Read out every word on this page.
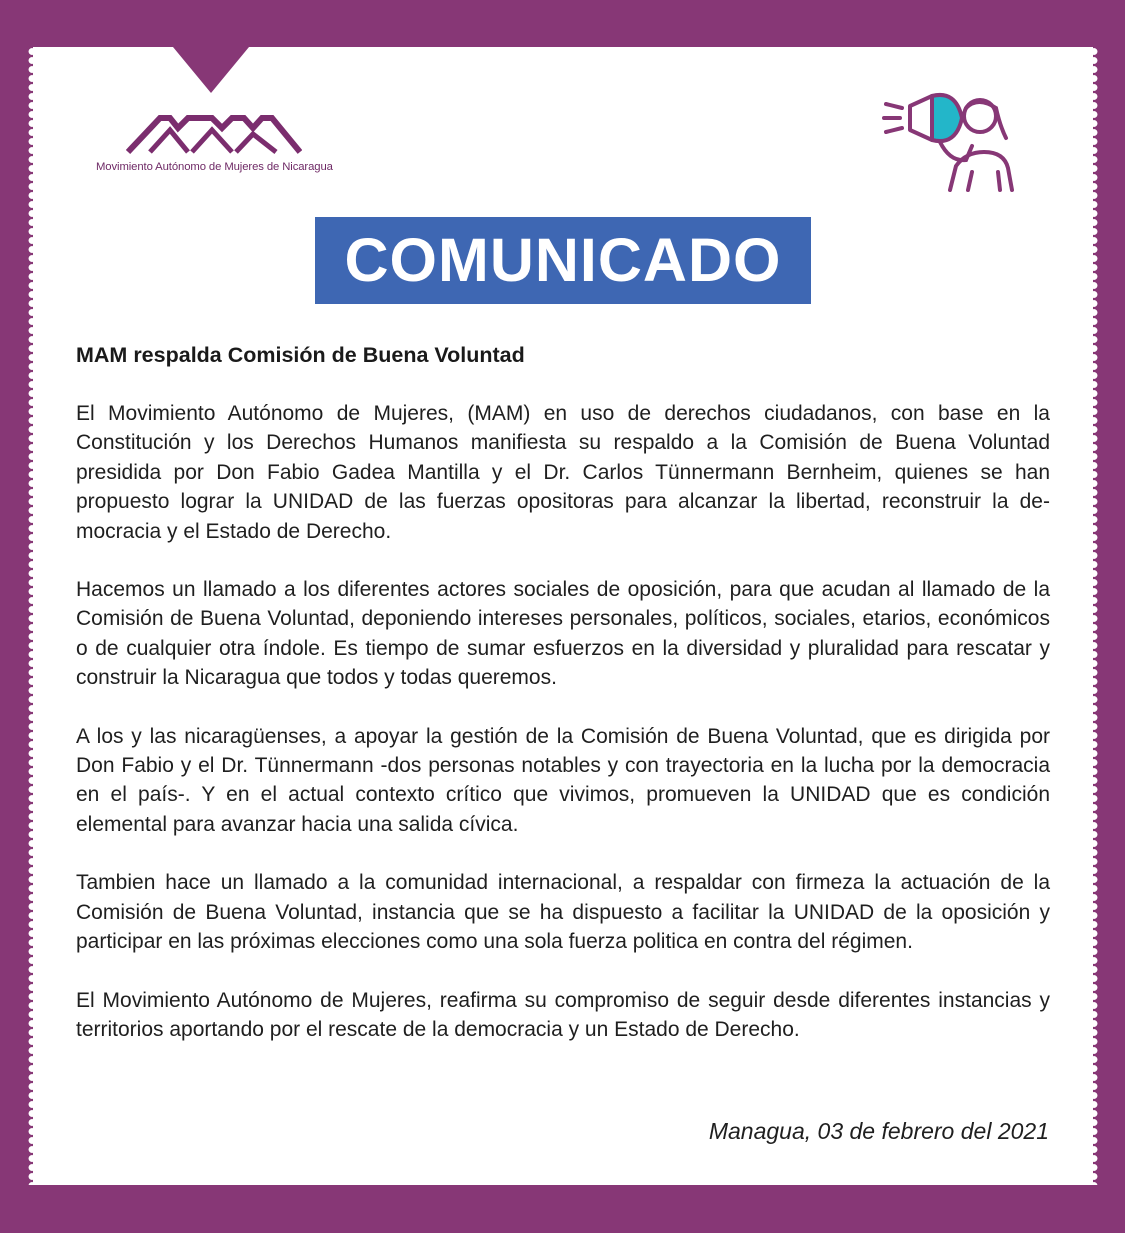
Movimiento Autónomo de Mujeres de Nicaragua
COMUNICADO
MAM respalda Comisión de Buena Voluntad

El Movimiento Autónomo de Mujeres, (MAM) en uso de derechos ciudadanos, con base en la Constitución y los Derechos Humanos manifiesta su respaldo a la Comisión de Buena Voluntad presidida por Don Fabio Gadea Mantilla y el Dr. Carlos Tünnermann Bernheim, quienes se han propuesto lograr la UNIDAD de las fuerzas opositoras para alcanzar la libertad, reconstruir la democracia y el Estado de Derecho.

Hacemos un llamado a los diferentes actores sociales de oposición, para que acudan al llamado de la Comisión de Buena Voluntad, deponiendo intereses personales, políticos, sociales, etarios, económicos o de cualquier otra índole. Es tiempo de sumar esfuerzos en la diversidad y pluralidad para rescatar y construir la Nicaragua que todos y todas queremos.

A los y las nicaragüenses, a apoyar la gestión de la Comisión de Buena Voluntad, que es dirigida por Don Fabio y el Dr. Tünnermann -dos personas notables y con trayectoria en la lucha por la democracia en el país-. Y en el actual contexto crítico que vivimos, promueven la UNIDAD que es condición elemental para avanzar hacia una salida cívica.

Tambien hace un llamado a la comunidad internacional, a respaldar con firmeza la actuación de la Comisión de Buena Voluntad, instancia que se ha dispuesto a facilitar la UNIDAD de la oposición y participar en las próximas elecciones como una sola fuerza politica en contra del régimen.

El Movimiento Autónomo de Mujeres, reafirma su compromiso de seguir desde diferentes instancias y territorios aportando por el rescate de la democracia y un Estado de Derecho.

Managua, 03 de febrero del 2021
